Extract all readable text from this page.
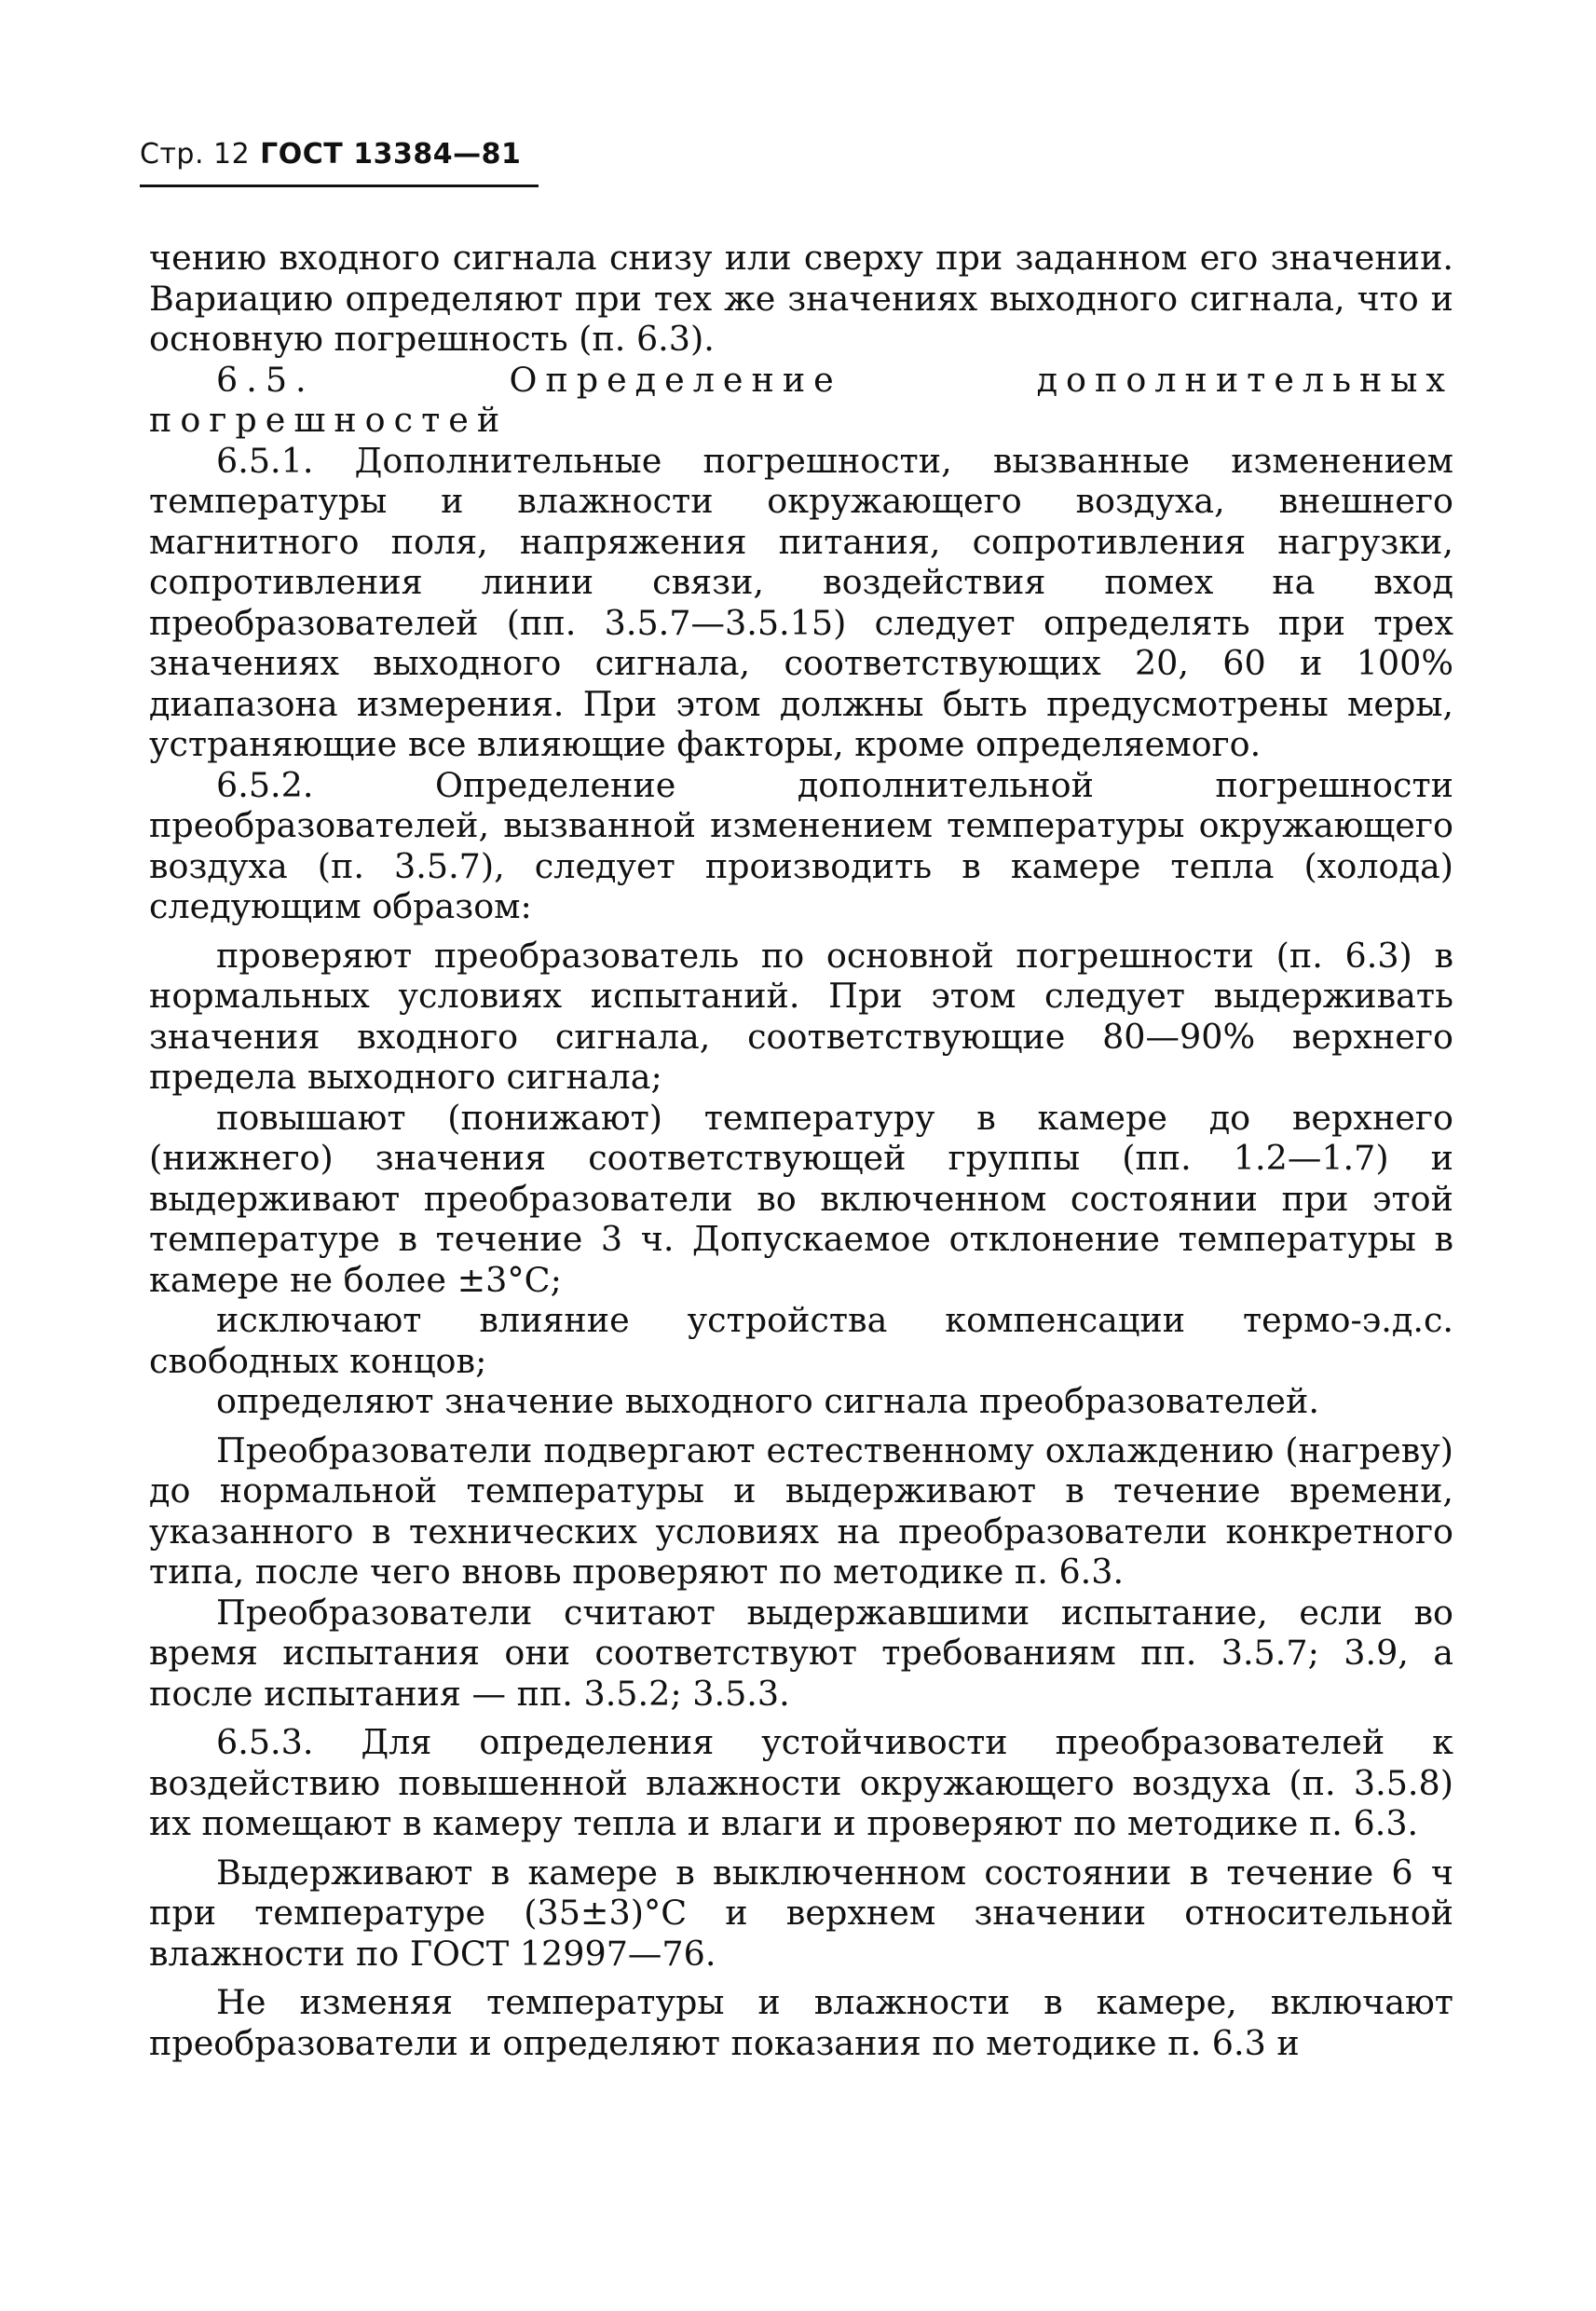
Стр. 12 ГОСТ 13384—81

чению входного сигнала снизу или сверху при заданном его значении. Вариацию определяют при тех же значениях выходного сигнала, что и основную погрешность (п. 6.3).

6.5. Определение дополнительных погрешностей

6.5.1. Дополнительные погрешности, вызванные изменением температуры и влажности окружающего воздуха, внешнего магнитного поля, напряжения питания, сопротивления нагрузки, сопротивления линии связи, воздействия помех на вход преобразователей (пп. 3.5.7—3.5.15) следует определять при трех значениях выходного сигнала, соответствующих 20, 60 и 100% диапазона измерения. При этом должны быть предусмотрены меры, устраняющие все влияющие факторы, кроме определяемого.

6.5.2. Определение дополнительной погрешности преобразователей, вызванной изменением температуры окружающего воздуха (п. 3.5.7), следует производить в камере тепла (холода) следующим образом:

проверяют преобразователь по основной погрешности (п. 6.3) в нормальных условиях испытаний. При этом следует выдерживать значения входного сигнала, соответствующие 80—90% верхнего предела выходного сигнала;

повышают (понижают) температуру в камере до верхнего (нижнего) значения соответствующей группы (пп. 1.2—1.7) и выдерживают преобразователи во включенном состоянии при этой температуре в течение 3 ч. Допускаемое отклонение температуры в камере не более ±3°С;

исключают влияние устройства компенсации термо-э.д.с. свободных концов;

определяют значение выходного сигнала преобразователей.

Преобразователи подвергают естественному охлаждению (нагреву) до нормальной температуры и выдерживают в течение времени, указанного в технических условиях на преобразователи конкретного типа, после чего вновь проверяют по методике п. 6.3.

Преобразователи считают выдержавшими испытание, если во время испытания они соответствуют требованиям пп. 3.5.7; 3.9, а после испытания — пп. 3.5.2; 3.5.3.

6.5.3. Для определения устойчивости преобразователей к воздействию повышенной влажности окружающего воздуха (п. 3.5.8) их помещают в камеру тепла и влаги и проверяют по методике п. 6.3.

Выдерживают в камере в выключенном состоянии в течение 6 ч при температуре (35±3)°С и верхнем значении относительной влажности по ГОСТ 12997—76.

Не изменяя температуры и влажности в камере, включают преобразователи и определяют показания по методике п. 6.3 и
